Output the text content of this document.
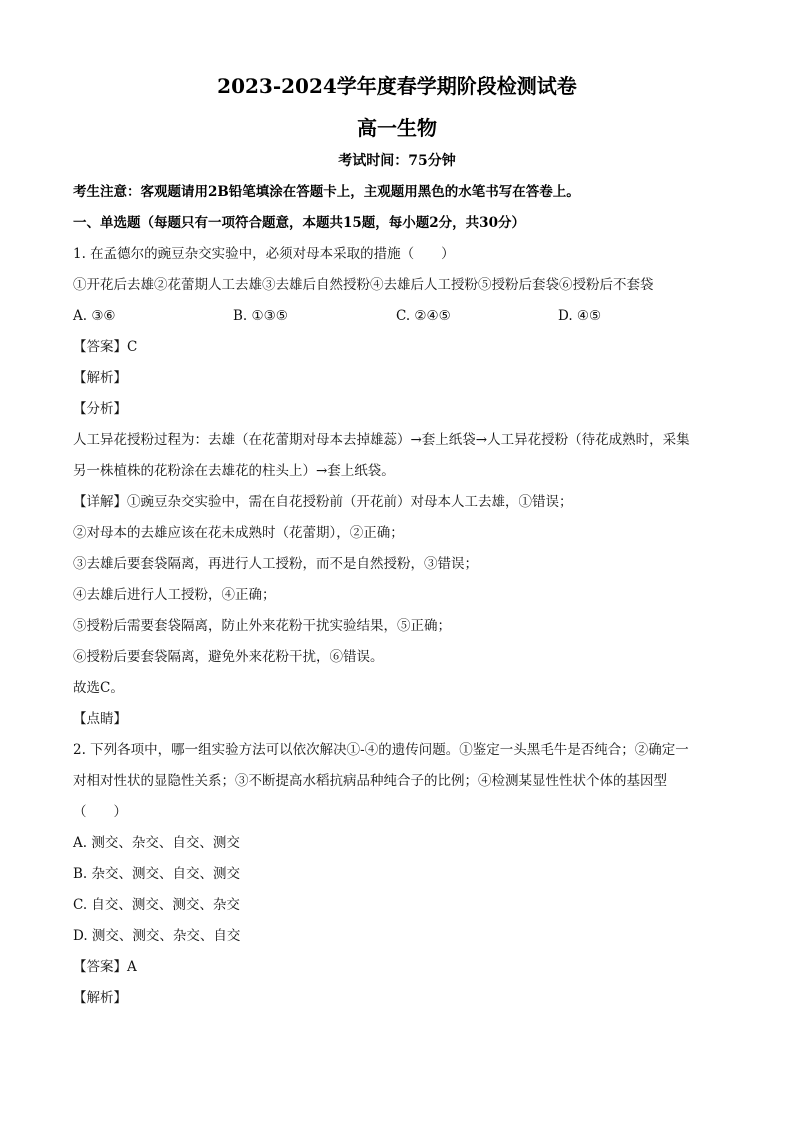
2023-2024学年度春学期阶段检测试卷
高一生物
考试时间：75分钟
考生注意：客观题请用2B铅笔填涂在答题卡上，主观题用黑色的水笔书写在答卷上。
一、单选题（每题只有一项符合题意，本题共15题，每小题2分，共30分）
1. 在孟德尔的豌豆杂交实验中，必须对母本采取的措施（　　）
①开花后去雄②花蕾期人工去雄③去雄后自然授粉④去雄后人工授粉⑤授粉后套袋⑥授粉后不套袋
A. ③⑥	B. ①③⑤	C. ②④⑤	D. ④⑤
【答案】C
【解析】
【分析】
人工异花授粉过程为：去雄（在花蕾期对母本去掉雄蕊）→套上纸袋→人工异花授粉（待花成熟时，采集
另一株植株的花粉涂在去雄花的柱头上）→套上纸袋。
【详解】①豌豆杂交实验中，需在自花授粉前（开花前）对母本人工去雄，①错误；
②对母本的去雄应该在花未成熟时（花蕾期），②正确；
③去雄后要套袋隔离，再进行人工授粉，而不是自然授粉，③错误；
④去雄后进行人工授粉，④正确；
⑤授粉后需要套袋隔离，防止外来花粉干扰实验结果，⑤正确；
⑥授粉后要套袋隔离，避免外来花粉干扰，⑥错误。
故选C。
【点睛】
2. 下列各项中，哪一组实验方法可以依次解决①-④的遗传问题。①鉴定一头黑毛牛是否纯合；②确定一
对相对性状的显隐性关系；③不断提高水稻抗病品种纯合子的比例；④检测某显性性状个体的基因型
（　　）
A. 测交、杂交、自交、测交
B. 杂交、测交、自交、测交
C. 自交、测交、测交、杂交
D. 测交、测交、杂交、自交
【答案】A
【解析】
